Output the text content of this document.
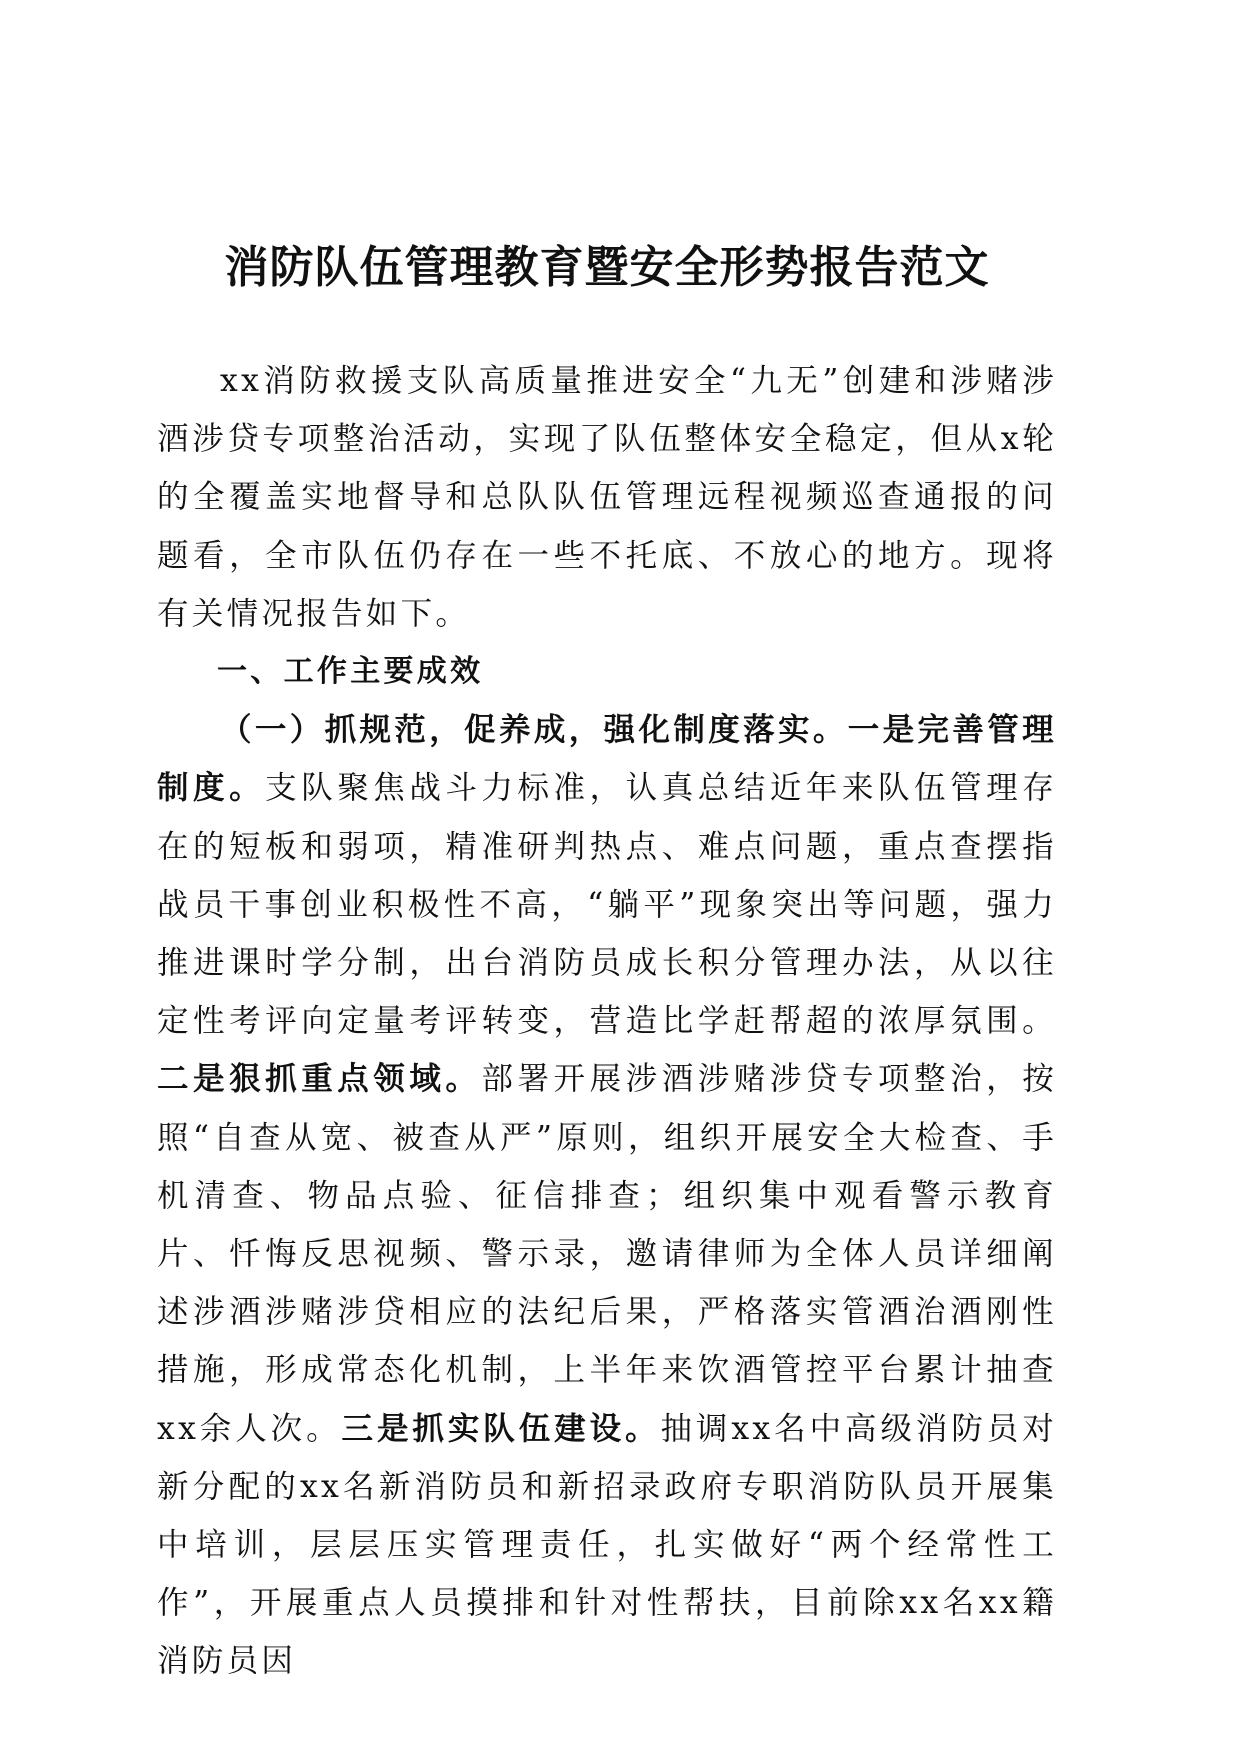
消防队伍管理教育暨安全形势报告范文

xx消防救援支队高质量推进安全“九无”创建和涉赌涉酒涉贷专项整治活动，实现了队伍整体安全稳定，但从x轮的全覆盖实地督导和总队队伍管理远程视频巡查通报的问题看，全市队伍仍存在一些不托底、不放心的地方。现将有关情况报告如下。

一、工作主要成效

（一）抓规范，促养成，强化制度落实。一是完善管理制度。支队聚焦战斗力标准，认真总结近年来队伍管理存在的短板和弱项，精准研判热点、难点问题，重点查摆指战员干事创业积极性不高，“躺平”现象突出等问题，强力推进课时学分制，出台消防员成长积分管理办法，从以往定性考评向定量考评转变，营造比学赶帮超的浓厚氛围。二是狠抓重点领域。部署开展涉酒涉赌涉贷专项整治，按照“自查从宽、被查从严”原则，组织开展安全大检查、手机清查、物品点验、征信排查；组织集中观看警示教育片、忏悔反思视频、警示录，邀请律师为全体人员详细阐述涉酒涉赌涉贷相应的法纪后果，严格落实管酒治酒刚性措施，形成常态化机制，上半年来饮酒管控平台累计抽查xx余人次。三是抓实队伍建设。抽调xx名中高级消防员对新分配的xx名新消防员和新招录政府专职消防队员开展集中培训，层层压实管理责任，扎实做好“两个经常性工作”，开展重点人员摸排和针对性帮扶，目前除xx名xx籍消防员因
